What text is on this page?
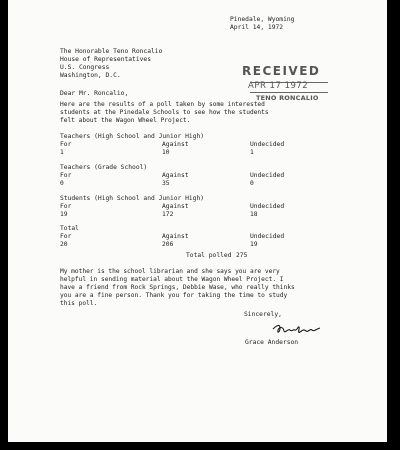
Pinedale, Wyoming
April 14, 1972
The Honorable Teno Roncalio
House of Representatives
U.S. Congress
Washington, D.C.	RECEIVED
APR 17 1972
TENO RONCALIO
Dear Mr. Roncalio,
Here are the results of a poll taken by some interested
students at the Pinedale Schools to see how the students
felt about the Wagon Wheel Project.
Teachers (High School and Junior High)
For	Against	Undecided
1	10	1
Teachers (Grade School)
For	Against	Undecided
0	35	0
Students (High School and Junior High)
For	Against	Undecided
19	172	18
Total
For	Against	Undecided
20	206	19
Total polled 275
My mother is the school librarian and she says you are very
helpful in sending material about the Wagon Wheel Project. I
have a friend from Rock Springs, Debbie Wase, who really thinks
you are a fine person. Thank you for taking the time to study
this poll.
Sincerely,
Grace Anderson
